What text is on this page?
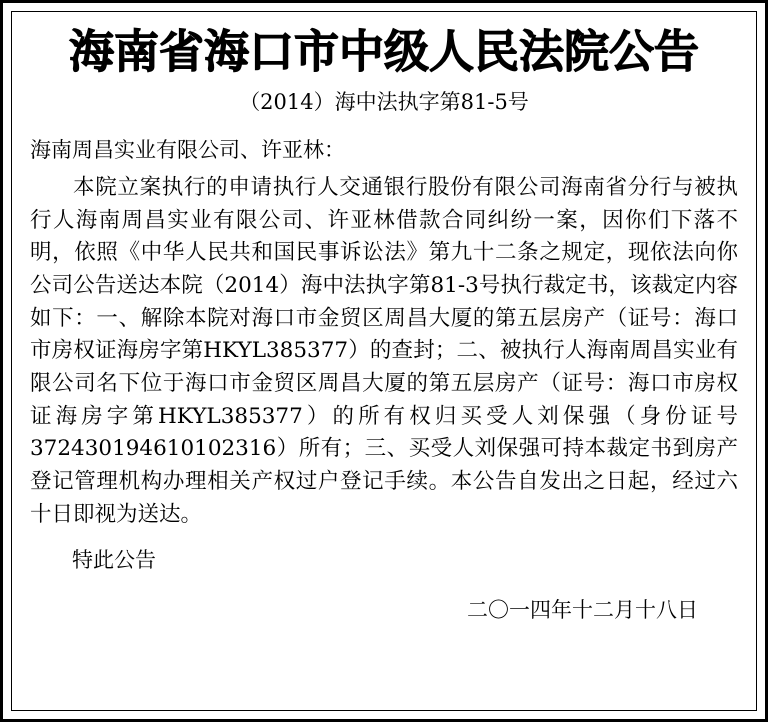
海南省海口市中级人民法院公告
（2014）海中法执字第81-5号
海南周昌实业有限公司、许亚林：
本院立案执行的申请执行人交通银行股份有限公司海南省分行与被执行人海南周昌实业有限公司、许亚林借款合同纠纷一案，因你们下落不明，依照《中华人民共和国民事诉讼法》第九十二条之规定，现依法向你公司公告送达本院（2014）海中法执字第81-3号执行裁定书，该裁定内容如下：一、解除本院对海口市金贸区周昌大厦的第五层房产（证号：海口市房权证海房字第HKYL385377）的查封；二、被执行人海南周昌实业有限公司名下位于海口市金贸区周昌大厦的第五层房产（证号：海口市房权证海房字第HKYL385377）的所有权归买受人刘保强（身份证号372430194610102316）所有；三、买受人刘保强可持本裁定书到房产登记管理机构办理相关产权过户登记手续。本公告自发出之日起，经过六十日即视为送达。
特此公告
二〇一四年十二月十八日
